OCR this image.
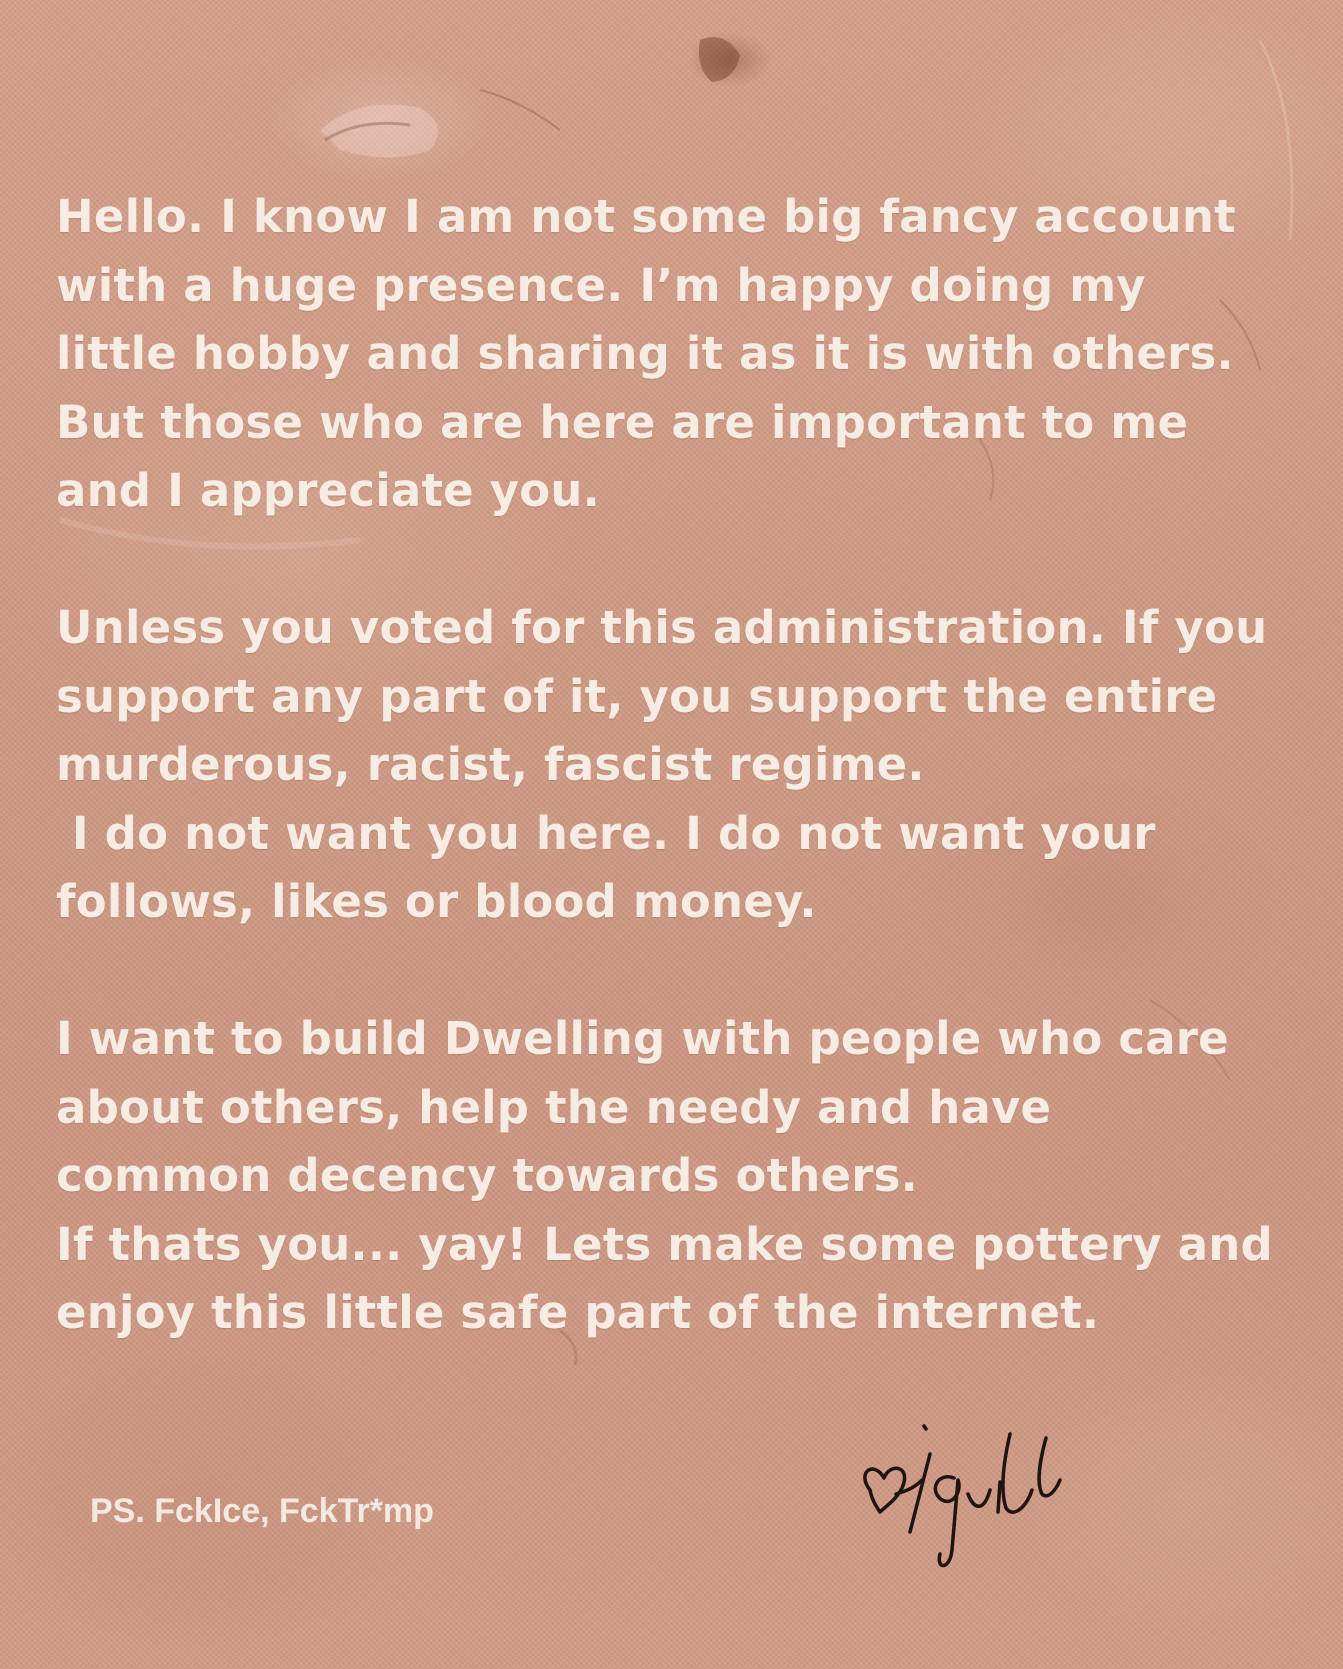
Hello. I know I am not some big fancy account
with a huge presence. I’m happy doing my
little hobby and sharing it as it is with others.
But those who are here are important to me
and I appreciate you.

Unless you voted for this administration. If you
support any part of it, you support the entire
murderous, racist, fascist regime.
I do not want you here. I do not want your
follows, likes or blood money.

I want to build Dwelling with people who care
about others, help the needy and have
common decency towards others.
If thats you... yay! Lets make some pottery and
enjoy this little safe part of the internet.

PS. FckIce, FckTr*mp
